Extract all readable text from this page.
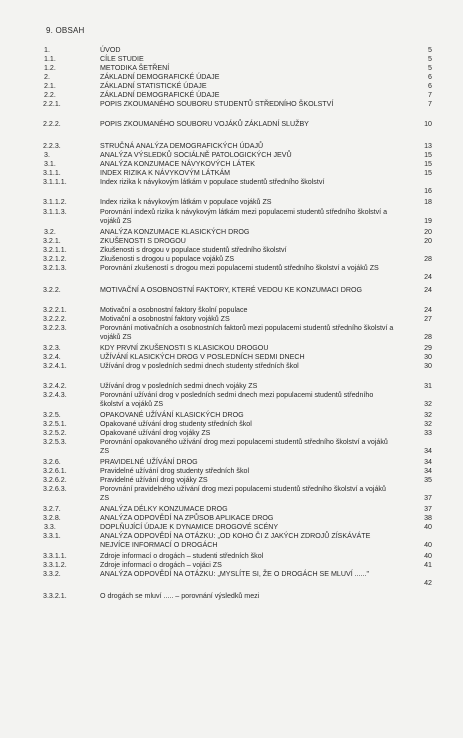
9. OBSAH
1.	ÚVOD	5
1.1.	CÍLE STUDIE	5
1.2.	METODIKA ŠETŘENÍ	5
2.	ZÁKLADNÍ DEMOGRAFICKÉ ÚDAJE	6
2.1.	ZÁKLADNÍ STATISTICKÉ ÚDAJE	6
2.2.	ZÁKLADNÍ DEMOGRAFICKÉ ÚDAJE	7
2.2.1.	POPIS ZKOUMANÉHO SOUBORU STUDENTŮ STŘEDNÍHO ŠKOLSTVÍ	7
2.2.2.	POPIS ZKOUMANÉHO SOUBORU VOJÁKŮ ZÁKLADNÍ SLUŽBY	10
2.2.3.	STRUČNÁ ANALÝZA DEMOGRAFICKÝCH ÚDAJŮ	13
3.	ANALÝZA VÝSLEDKŮ SOCIÁLNĚ PATOLOGICKÝCH JEVŮ	15
3.1.	ANALÝZA KONZUMACE NÁVYKOVÝCH LÁTEK	15
3.1.1.	INDEX RIZIKA K NÁVYKOVÝM LÁTKÁM	15
3.1.1.1.	Index rizika k návykovým látkám v populace studentů středního školství
16
3.1.1.2.	Index rizika k návykovým látkám v populace vojáků ZS	18
3.1.1.3.	Porovnání indexů rizika k návykovým látkám mezi populacemi studentů středního školství a vojáků ZS	19
3.2.	ANALÝZA KONZUMACE KLASICKÝCH DROG	20
3.2.1.	ZKUŠENOSTI S DROGOU	20
3.2.1.1.	Zkušenosti s drogou v populace studentů středního školství
3.2.1.2.	Zkušenosti s drogou u populace vojáků ZS	28
3.2.1.3.	Porovnání zkušeností s drogou mezi populacemi studentů středního školství a vojáků ZS
24
3.2.2.	MOTIVAČNÍ A OSOBNOSTNÍ FAKTORY, KTERÉ VEDOU KE KONZUMACI DROG	24
3.2.2.1.	Motivační a osobnostní faktory školní populace	24
3.2.2.2.	Motivační a osobnostní faktory vojáků ZS	27
3.2.2.3.	Porovnání motivačních a osobnostních faktorů mezi populacemi studentů středního školství a vojáků ZS	28
3.2.3.	KDY PRVNÍ ZKUŠENOSTI S KLASICKOU DROGOU	29
3.2.4.	UŽÍVÁNÍ KLASICKÝCH DROG V POSLEDNÍCH SEDMI DNECH	30
3.2.4.1.	Užívání drog v posledních sedmi dnech studenty středních škol	30
3.2.4.2.	Užívání drog v posledních sedmi dnech vojáky ZS	31
3.2.4.3.	Porovnání užívání drog v posledních sedmi dnech mezi populacemi studentů středního školství a vojáků ZS	32
3.2.5.	OPAKOVANÉ UŽÍVÁNÍ KLASICKÝCH DROG	32
3.2.5.1.	Opakované užívání drog studenty středních škol	32
3.2.5.2.	Opakované užívání drog vojáky ZS	33
3.2.5.3.	Porovnání opakovaného užívání drog mezi populacemi studentů středního školství a vojáků ZS	34
3.2.6.	PRAVIDELNÉ UŽÍVÁNÍ DROG	34
3.2.6.1.	Pravidelné užívání drog studenty středních škol	34
3.2.6.2.	Pravidelné užívání drog vojáky ZS	35
3.2.6.3.	Porovnání pravidelného užívání drog mezi populacemi studentů středního školství a vojáků ZS	37
3.2.7.	ANALÝZA DÉLKY KONZUMACE DROG	37
3.2.8.	ANALÝZA ODPOVĚDÍ NA ZPŮSOB APLIKACE DROG	38
3.3.	DOPLŇUJÍCÍ ÚDAJE K DYNAMICE DROGOVÉ SCÉNY	40
3.3.1.	ANALÝZA ODPOVĚDÍ NA OTÁZKU: „OD KOHO ČI Z JAKÝCH ZDROJŮ ZÍSKÁVÁTE NEJVÍCE INFORMACÍ O DROGÁCH	40
3.3.1.1.	Zdroje informací o drogách – studenti středních škol	40
3.3.1.2.	Zdroje informací o drogách – vojáci ZS	41
3.3.2.	ANALÝZA ODPOVĚDÍ NA OTÁZKU: „MYSLÍTE SI, ŽE O DROGÁCH SE MLUVÍ ......"
42
3.3.2.1.	O drogách se mluví ..... – porovnání výsledků mezi
